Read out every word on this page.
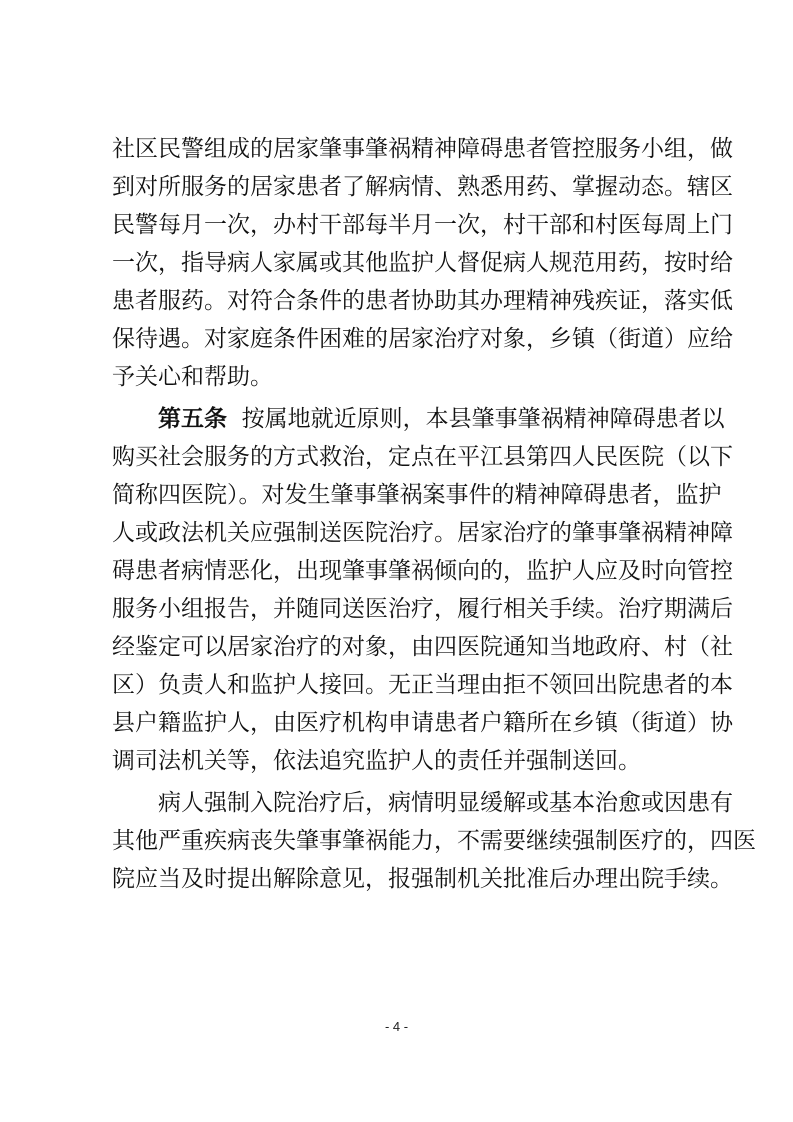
社区民警组成的居家肇事肇祸精神障碍患者管控服务小组，做
到对所服务的居家患者了解病情、熟悉用药、掌握动态。辖区
民警每月一次，办村干部每半月一次，村干部和村医每周上门
一次，指导病人家属或其他监护人督促病人规范用药，按时给
患者服药。对符合条件的患者协助其办理精神残疾证，落实低
保待遇。对家庭条件困难的居家治疗对象，乡镇（街道）应给
予关心和帮助。
第五条 按属地就近原则，本县肇事肇祸精神障碍患者以
购买社会服务的方式救治，定点在平江县第四人民医院（以下
简称四医院）。对发生肇事肇祸案事件的精神障碍患者，监护
人或政法机关应强制送医院治疗。居家治疗的肇事肇祸精神障
碍患者病情恶化，出现肇事肇祸倾向的，监护人应及时向管控
服务小组报告，并随同送医治疗，履行相关手续。治疗期满后
经鉴定可以居家治疗的对象，由四医院通知当地政府、村（社
区）负责人和监护人接回。无正当理由拒不领回出院患者的本
县户籍监护人，由医疗机构申请患者户籍所在乡镇（街道）协
调司法机关等，依法追究监护人的责任并强制送回。
病人强制入院治疗后，病情明显缓解或基本治愈或因患有
其他严重疾病丧失肇事肇祸能力，不需要继续强制医疗的，四医
院应当及时提出解除意见，报强制机关批准后办理出院手续。
- 4 -
